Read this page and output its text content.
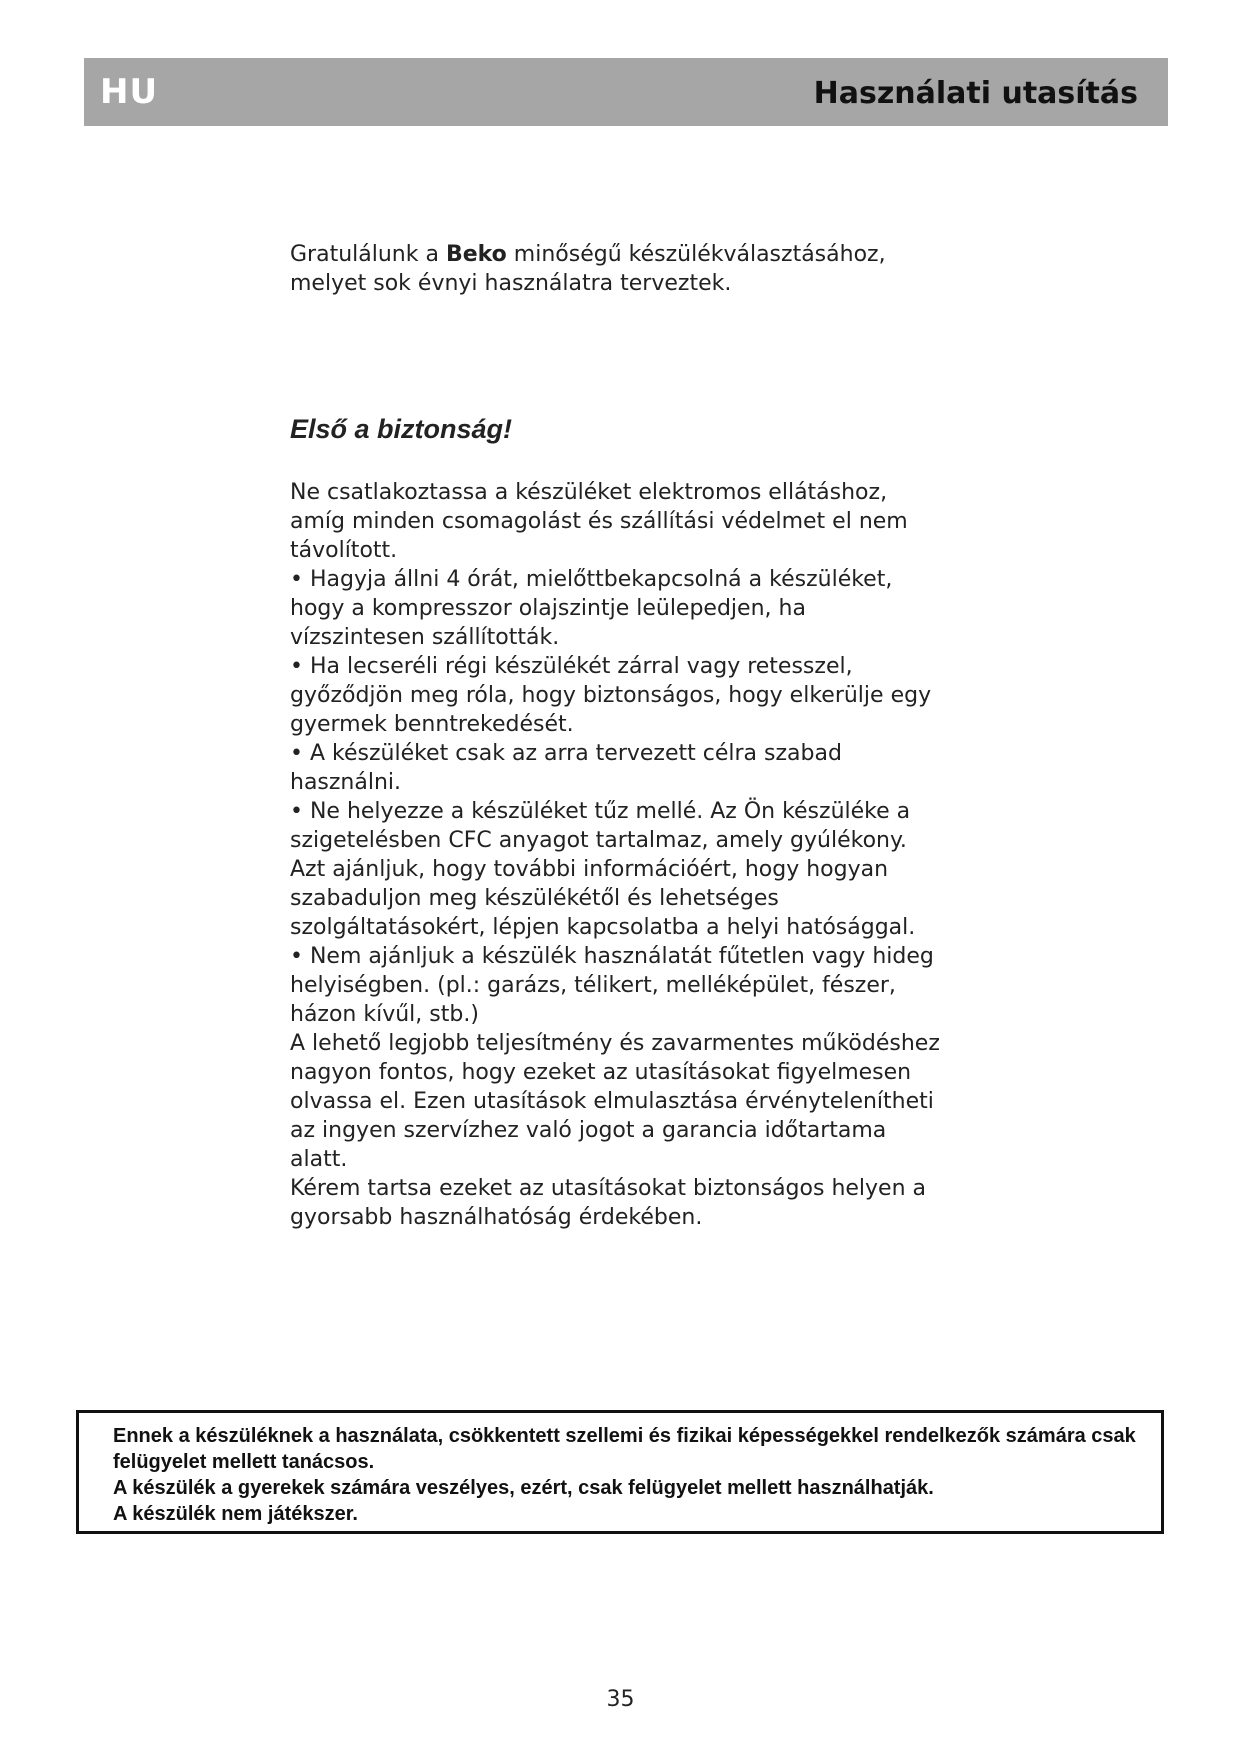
HU	Használati utasítás
Gratulálunk a Beko minőségű készülékválasztásához, melyet sok évnyi használatra terveztek.
Első a biztonság!

Ne csatlakoztassa a készüléket elektromos ellátáshoz, amíg minden csomagolást és szállítási védelmet el nem távolított.

• Hagyja állni 4 órát, mielőttbekapcsolná a készüléket, hogy a kompresszor olajszintje leülepedjen, ha vízszintesen szállították.

• Ha lecseréli régi készülékét zárral vagy retesszel, győződjön meg róla, hogy biztonságos, hogy elkerülje egy gyermek benntrekedését.

• A készüléket csak az arra tervezett célra szabad használni.

• Ne helyezze a készüléket tűz mellé. Az Ön készüléke a szigetelésben CFC anyagot tartalmaz, amely gyúlékony. Azt ajánljuk, hogy további információért, hogy hogyan szabaduljon meg készülékétől és lehetséges szolgáltatásokért, lépjen kapcsolatba a helyi hatósággal.

• Nem ajánljuk a készülék használatát fűtetlen vagy hideg helyiségben. (pl.: garázs, télikert, melléképület, fészer, házon kívűl, stb.)

A lehető legjobb teljesítmény és zavarmentes működéshez nagyon fontos, hogy ezeket az utasításokat figyelmesen olvassa el. Ezen utasítások elmulasztása érvénytelenítheti az ingyen szervízhez való jogot a garancia időtartama alatt.

Kérem tartsa ezeket az utasításokat biztonságos helyen a gyorsabb használhatóság érdekében.

Ennek a készüléknek a használata, csökkentett szellemi és fizikai képességekkel rendelkezők számára csak felügyelet mellett tanácsos.

A készülék a gyerekek számára veszélyes, ezért, csak felügyelet mellett használhatják.

A készülék nem játékszer.

35
